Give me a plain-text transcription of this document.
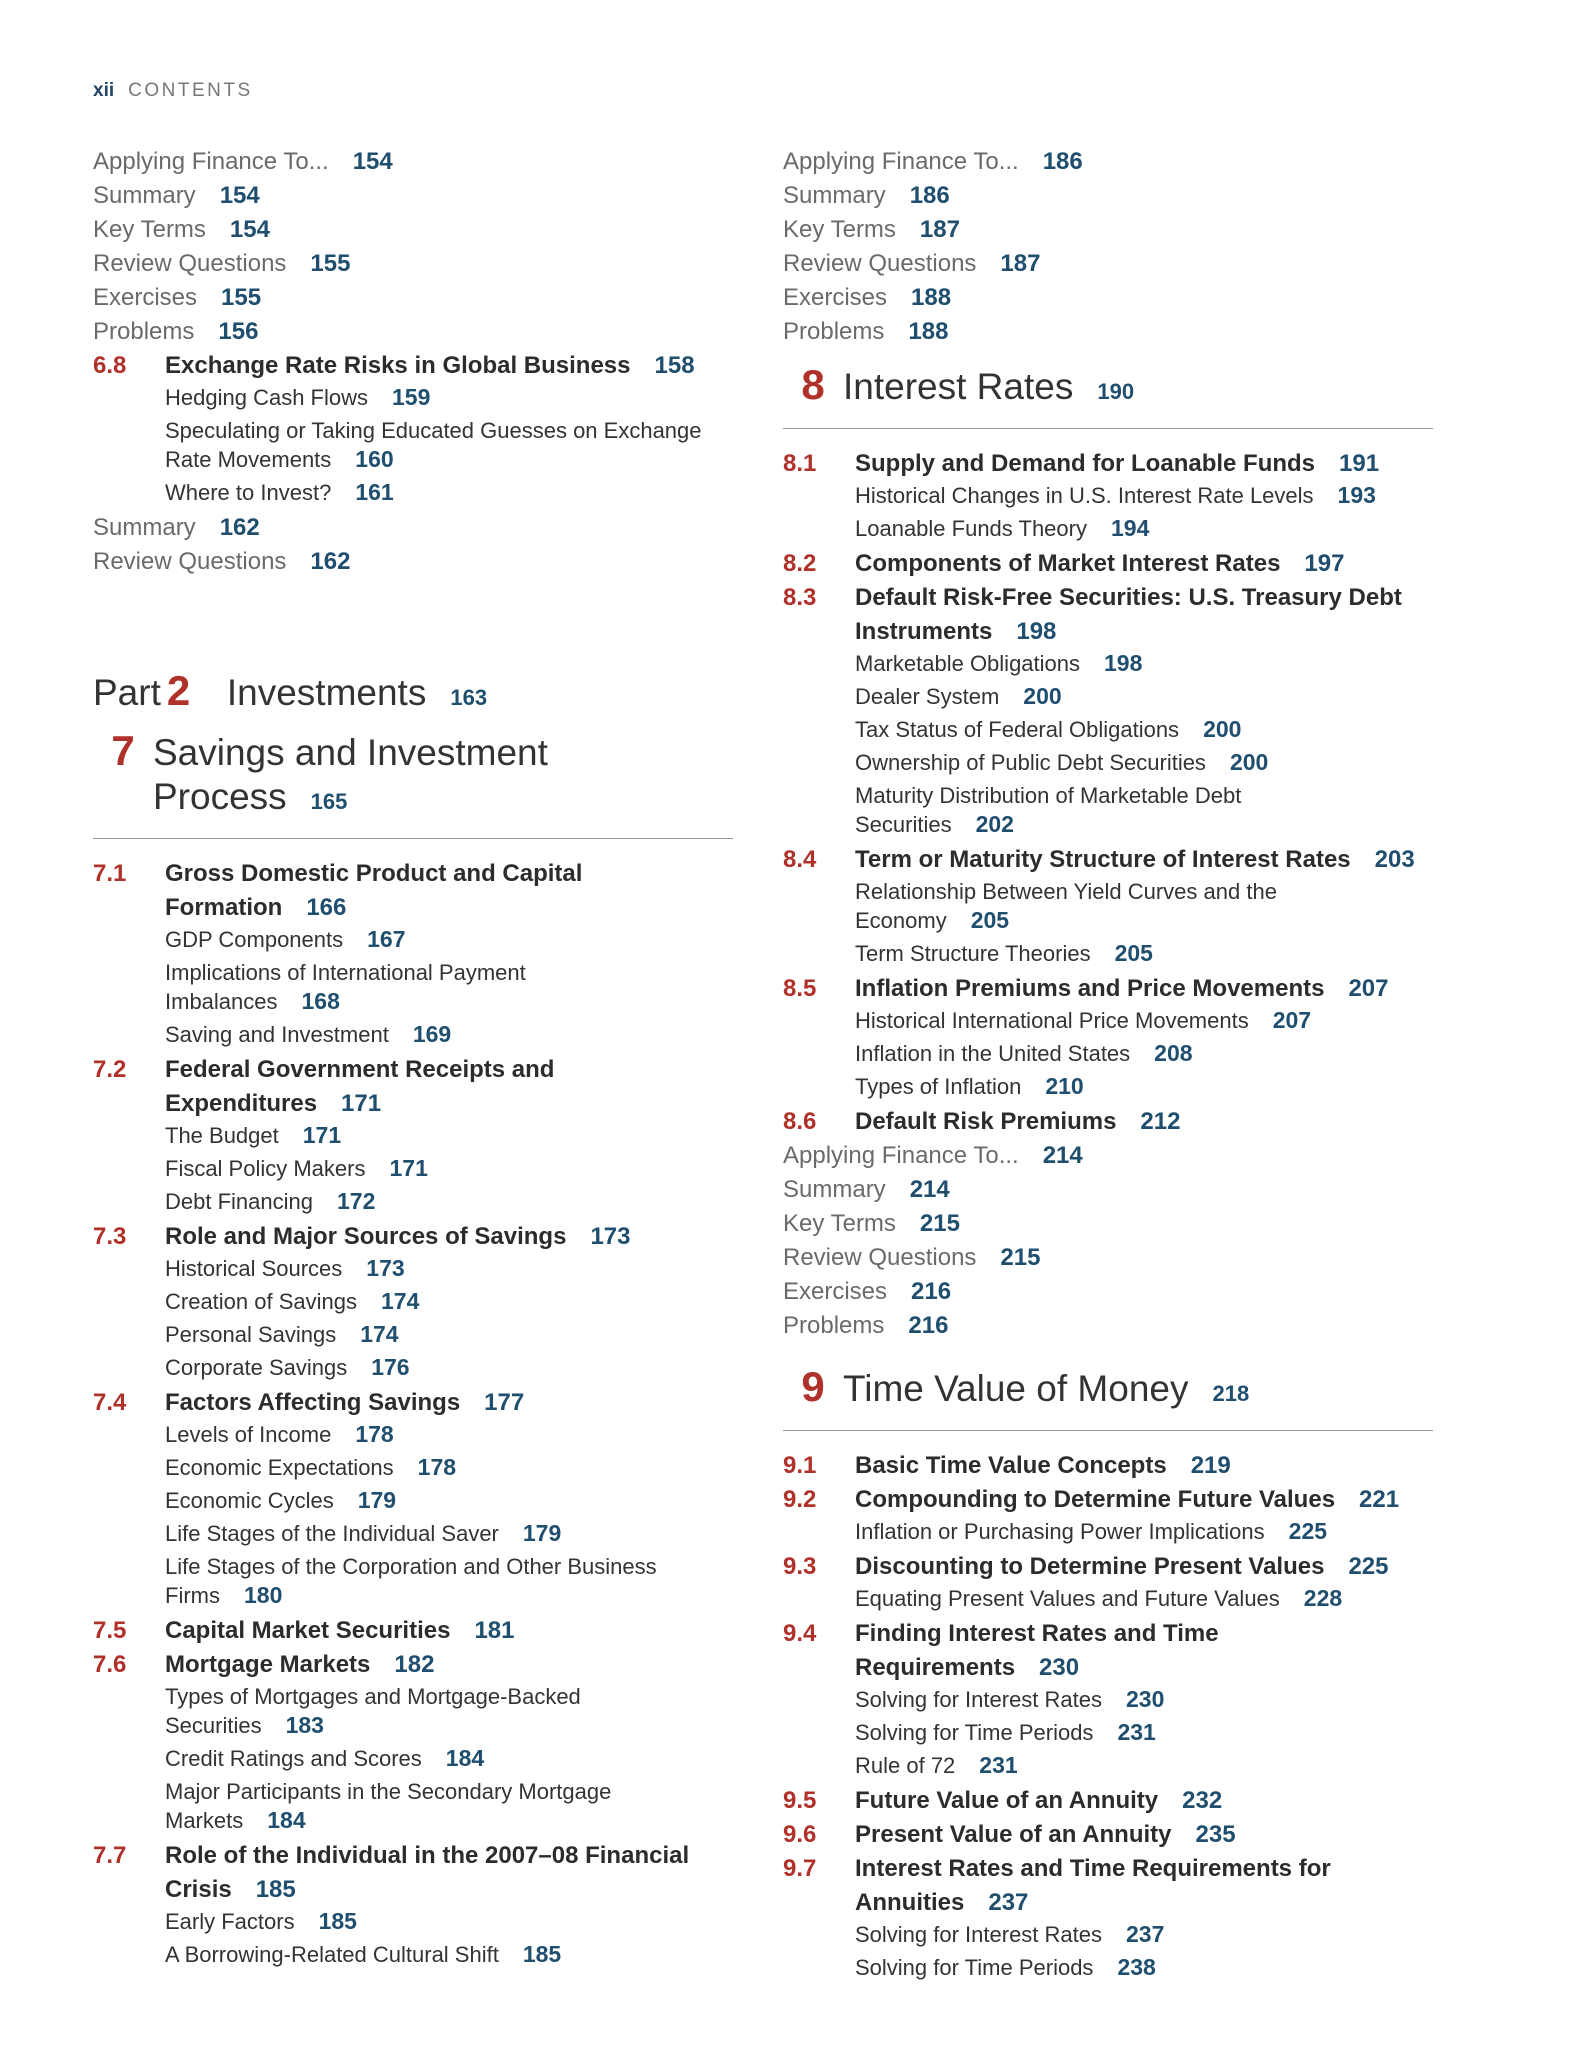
xii CONTENTS
Applying Finance To... 154
Summary 154
Key Terms 154
Review Questions 155
Exercises 155
Problems 156
6.8	Exchange Rate Risks in Global Business 158
Hedging Cash Flows 159
Speculating or Taking Educated Guesses on Exchange
Rate Movements 160
Where to Invest? 161
Summary 162
Review Questions 162
Part 2 Investments 163
7 Savings and Investment
Process 165
7.1	Gross Domestic Product and Capital
Formation 166
GDP Components 167
Implications of International Payment
Imbalances 168
Saving and Investment 169
7.2	Federal Government Receipts and
Expenditures 171
The Budget 171
Fiscal Policy Makers 171
Debt Financing 172
7.3	Role and Major Sources of Savings 173
Historical Sources 173
Creation of Savings 174
Personal Savings 174
Corporate Savings 176
7.4	Factors Affecting Savings 177
Levels of Income 178
Economic Expectations 178
Economic Cycles 179
Life Stages of the Individual Saver 179
Life Stages of the Corporation and Other Business
Firms 180
7.5	Capital Market Securities 181
7.6	Mortgage Markets 182
Types of Mortgages and Mortgage-Backed
Securities 183
Credit Ratings and Scores 184
Major Participants in the Secondary Mortgage
Markets 184
7.7	Role of the Individual in the 2007–08 Financial
Crisis 185
Early Factors 185
A Borrowing-Related Cultural Shift 185
Applying Finance To... 186
Summary 186
Key Terms 187
Review Questions 187
Exercises 188
Problems 188
8 Interest Rates 190
8.1	Supply and Demand for Loanable Funds 191
Historical Changes in U.S. Interest Rate Levels 193
Loanable Funds Theory 194
8.2	Components of Market Interest Rates 197
8.3	Default Risk-Free Securities: U.S. Treasury Debt
Instruments 198
Marketable Obligations 198
Dealer System 200
Tax Status of Federal Obligations 200
Ownership of Public Debt Securities 200
Maturity Distribution of Marketable Debt
Securities 202
8.4	Term or Maturity Structure of Interest Rates 203
Relationship Between Yield Curves and the
Economy 205
Term Structure Theories 205
8.5	Inflation Premiums and Price Movements 207
Historical International Price Movements 207
Inflation in the United States 208
Types of Inflation 210
8.6	Default Risk Premiums 212
Applying Finance To... 214
Summary 214
Key Terms 215
Review Questions 215
Exercises 216
Problems 216
9 Time Value of Money 218
9.1	Basic Time Value Concepts 219
9.2	Compounding to Determine Future Values 221
Inflation or Purchasing Power Implications 225
9.3	Discounting to Determine Present Values 225
Equating Present Values and Future Values 228
9.4	Finding Interest Rates and Time
Requirements 230
Solving for Interest Rates 230
Solving for Time Periods 231
Rule of 72 231
9.5	Future Value of an Annuity 232
9.6	Present Value of an Annuity 235
9.7	Interest Rates and Time Requirements for
Annuities 237
Solving for Interest Rates 237
Solving for Time Periods 238
